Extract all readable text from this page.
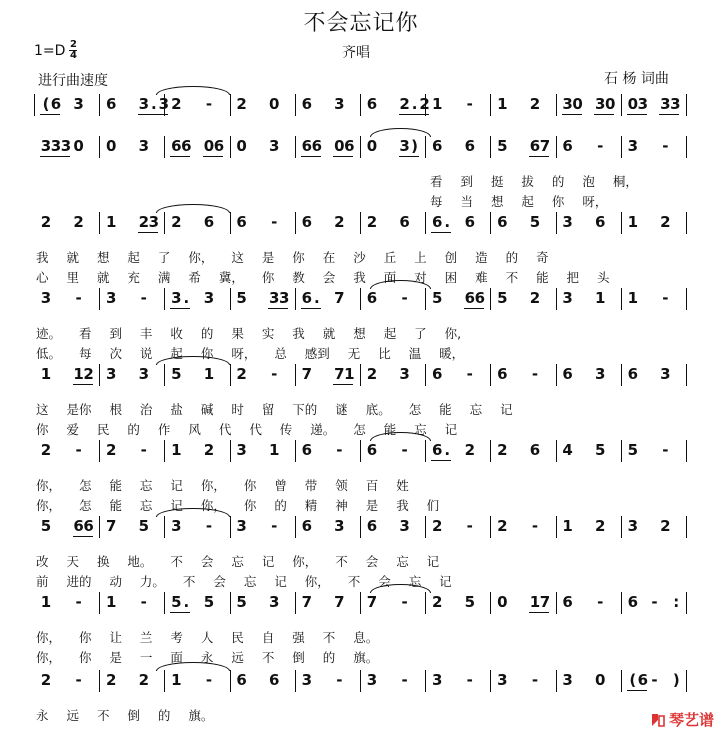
不会忘记你
$1=D \frac{2}{4}$	齐唱
进行曲速度	石 杨 词曲
( 6 3 6 3 . 3 2 - 2 0 6 3 6 2 . 2 1 - 1 2 3 0 3 0 0 3 3 3
3 3 3 0 0 3 6 6 0 6 0 3 6 6 0 6 0 3 ) 6 6 5 6 7 6 - 3 -
看 到 挺 拔 的 泡 桐，
每 当 想 起 你 呀，
2 2 1 2 3 2 6 6 - 6 2 2 6 6 . 6 6 5 3 6 1 2
我 就 想 起 了 你， 这 是 你 在 沙 丘 上 创 造 的 奇
心 里 就 充 满 希 冀， 你 教 会 我 面 对 困 难 不 能 把 头
3 - 3 - 3 . 3 5 3 3 6 . 7 6 - 5 6 6 5 2 3 1 1 -
迹。 看 到 丰 收 的 果 实 我 就 想 起 了 你,
低。 每 次 说 起 你 呀， 总 感到 无 比 温 暖，
1 1 2 3 3 5 1 2 - 7 7 1 2 3 6 - 6 - 6 3 6 3
这 是你 根 治 盐 碱 时 留 下的 谜 底。 怎 能 忘 记
你 爱 民 的 作 风 代 代 传 递。 怎 能 忘 记
2 - 2 - 1 2 3 1 6 - 6 - 6 . 2 2 6 4 5 5 -
你， 怎 能 忘 记 你， 你 曾 带 领 百 姓
你， 怎 能 忘 记 你， 你 的 精 神 是 我 们
5 6 6 7 5 3 - 3 - 6 3 6 3 2 - 2 - 1 2 3 2
改 天 换 地。 不 会 忘 记 你， 不 会 忘 记
前 进的 动 力。 不 会 忘 记 你， 不 会 忘 记
1 - 1 - 5 . 5 5 3 7 7 7 - 2 5 0 1 7 6 - 6 - :
你， 你 让 兰 考 人 民 自 强 不 息。
你， 你 是 一 面 永 远 不 倒 的 旗。
2 - 2 2 1 - 6 6 3 - 3 - 3 - 3 - 3 0 ( 6 - )
永 远 不 倒 的 旗。	琴艺谱
